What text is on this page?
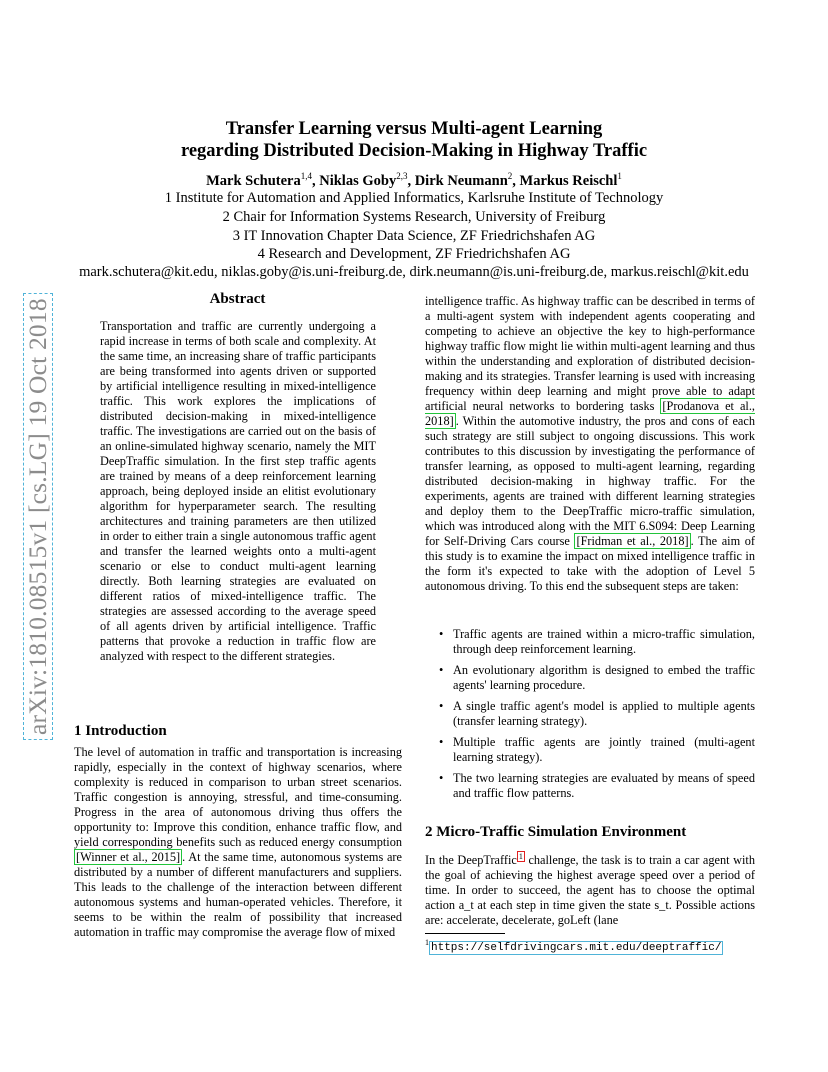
arXiv:1810.08515v1 [cs.LG] 19 Oct 2018
Transfer Learning versus Multi-agent Learning
regarding Distributed Decision-Making in Highway Traffic
Mark Schutera$^{1,4}$, Niklas Goby$^{2,3}$, Dirk Neumann$^2$, Markus Reischl$^1$
1 Institute for Automation and Applied Informatics, Karlsruhe Institute of Technology
2 Chair for Information Systems Research, University of Freiburg
3 IT Innovation Chapter Data Science, ZF Friedrichshafen AG
4 Research and Development, ZF Friedrichshafen AG
mark.schutera@kit.edu, niklas.goby@is.uni-freiburg.de, dirk.neumann@is.uni-freiburg.de, markus.reischl@kit.edu
Abstract
Transportation and traffic are currently undergoing a rapid increase in terms of both scale and complexity. At the same time, an increasing share of traffic participants are being transformed into agents driven or supported by artificial intelligence resulting in mixed-intelligence traffic. This work explores the implications of distributed decision-making in mixed-intelligence traffic. The investigations are carried out on the basis of an online-simulated highway scenario, namely the MIT DeepTraffic simulation. In the first step traffic agents are trained by means of a deep reinforcement learning approach, being deployed inside an elitist evolutionary algorithm for hyperparameter search. The resulting architectures and training parameters are then utilized in order to either train a single autonomous traffic agent and transfer the learned weights onto a multi-agent scenario or else to conduct multi-agent learning directly. Both learning strategies are evaluated on different ratios of mixed-intelligence traffic. The strategies are assessed according to the average speed of all agents driven by artificial intelligence. Traffic patterns that provoke a reduction in traffic flow are analyzed with respect to the different strategies.
1 Introduction
The level of automation in traffic and transportation is increasing rapidly, especially in the context of highway scenarios, where complexity is reduced in comparison to urban street scenarios. Traffic congestion is annoying, stressful, and time-consuming. Progress in the area of autonomous driving thus offers the opportunity to: Improve this condition, enhance traffic flow, and yield corresponding benefits such as reduced energy consumption [Winner et al., 2015] . At the same time, autonomous systems are distributed by a number of different manufacturers and suppliers. This leads to the challenge of the interaction between different autonomous systems and human-operated vehicles. Therefore, it seems to be within the realm of possibility that increased automation in traffic may compromise the average flow of mixed
intelligence traffic. As highway traffic can be described in terms of a multi-agent system with independent agents cooperating and competing to achieve an objective the key to high-performance highway traffic flow might lie within multi-agent learning and thus within the understanding and exploration of distributed decision-making and its strategies. Transfer learning is used with increasing frequency within deep learning and might prove able to adapt artificial neural networks to bordering tasks [Prodanova et al., 2018] . Within the automotive industry, the pros and cons of each such strategy are still subject to ongoing discussions. This work contributes to this discussion by investigating the performance of transfer learning, as opposed to multi-agent learning, regarding distributed decision-making in highway traffic. For the experiments, agents are trained with different learning strategies and deploy them to the DeepTraffic micro-traffic simulation, which was introduced along with the MIT 6.S094: Deep Learning for Self-Driving Cars course [Fridman et al., 2018] . The aim of this study is to examine the impact on mixed intelligence traffic in the form it's expected to take with the adoption of Level 5 autonomous driving. To this end the subsequent steps are taken:
• Traffic agents are trained within a micro-traffic simulation, through deep reinforcement learning.
• An evolutionary algorithm is designed to embed the traffic agents' learning procedure.
• A single traffic agent's model is applied to multiple agents (transfer learning strategy).
• Multiple traffic agents are jointly trained (multi-agent learning strategy).
• The two learning strategies are evaluated by means of speed and traffic flow patterns.
2 Micro-Traffic Simulation Environment
In the DeepTraffic $^1$ challenge, the task is to train a car agent with the goal of achieving the highest average speed over a period of time. In order to succeed, the agent has to choose the optimal action a_t at each step in time given the state s_t. Possible actions are: accelerate, decelerate, goLeft (lane
$^1$ https://selfdrivingcars.mit.edu/deeptraffic/
